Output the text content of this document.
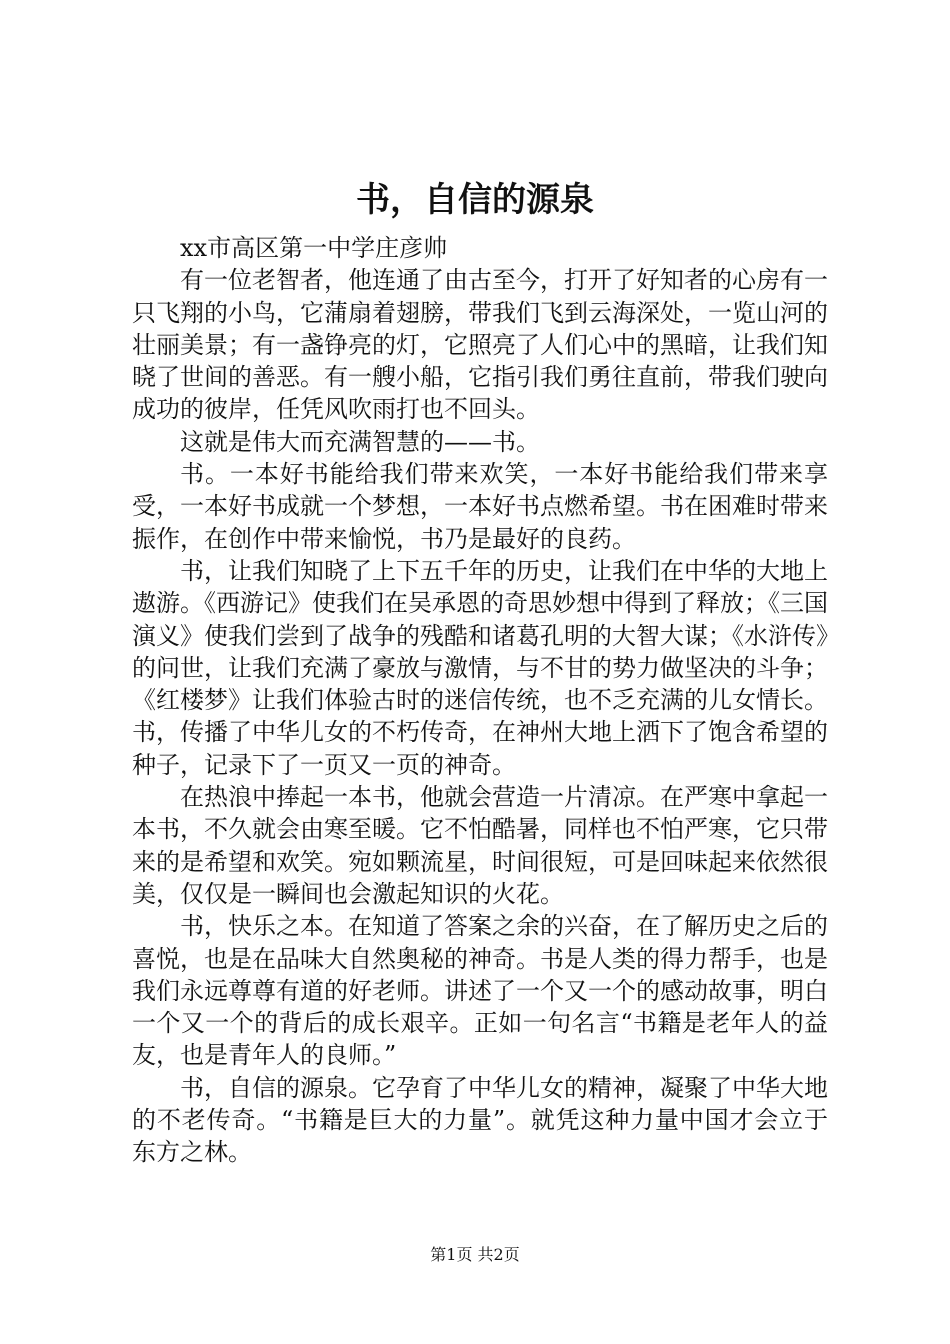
书，自信的源泉
xx市高区第一中学庄彦帅

有一位老智者，他连通了由古至今，打开了好知者的心房有一只飞翔的小鸟，它蒲扇着翅膀，带我们飞到云海深处，一览山河的壮丽美景；有一盏铮亮的灯，它照亮了人们心中的黑暗，让我们知晓了世间的善恶。有一艘小船，它指引我们勇往直前，带我们驶向成功的彼岸，任凭风吹雨打也不回头。

这就是伟大而充满智慧的——书。

书。一本好书能给我们带来欢笑，一本好书能给我们带来享受，一本好书成就一个梦想，一本好书点燃希望。书在困难时带来振作，在创作中带来愉悦，书乃是最好的良药。

书，让我们知晓了上下五千年的历史，让我们在中华的大地上遨游。《西游记》使我们在吴承恩的奇思妙想中得到了释放；《三国演义》使我们尝到了战争的残酷和诸葛孔明的大智大谋；《水浒传》的问世，让我们充满了豪放与激情，与不甘的势力做坚决的斗争；《红楼梦》让我们体验古时的迷信传统，也不乏充满的儿女情长。书，传播了中华儿女的不朽传奇，在神州大地上洒下了饱含希望的种子，记录下了一页又一页的神奇。

在热浪中捧起一本书，他就会营造一片清凉。在严寒中拿起一本书，不久就会由寒至暖。它不怕酷暑，同样也不怕严寒，它只带来的是希望和欢笑。宛如颗流星，时间很短，可是回味起来依然很美，仅仅是一瞬间也会激起知识的火花。

书，快乐之本。在知道了答案之余的兴奋，在了解历史之后的喜悦，也是在品味大自然奥秘的神奇。书是人类的得力帮手，也是我们永远尊尊有道的好老师。讲述了一个又一个的感动故事，明白一个又一个的背后的成长艰辛。正如一句名言“书籍是老年人的益友，也是青年人的良师。”

书，自信的源泉。它孕育了中华儿女的精神，凝聚了中华大地的不老传奇。“书籍是巨大的力量”。就凭这种力量中国才会立于东方之林。

第1页 共2页
